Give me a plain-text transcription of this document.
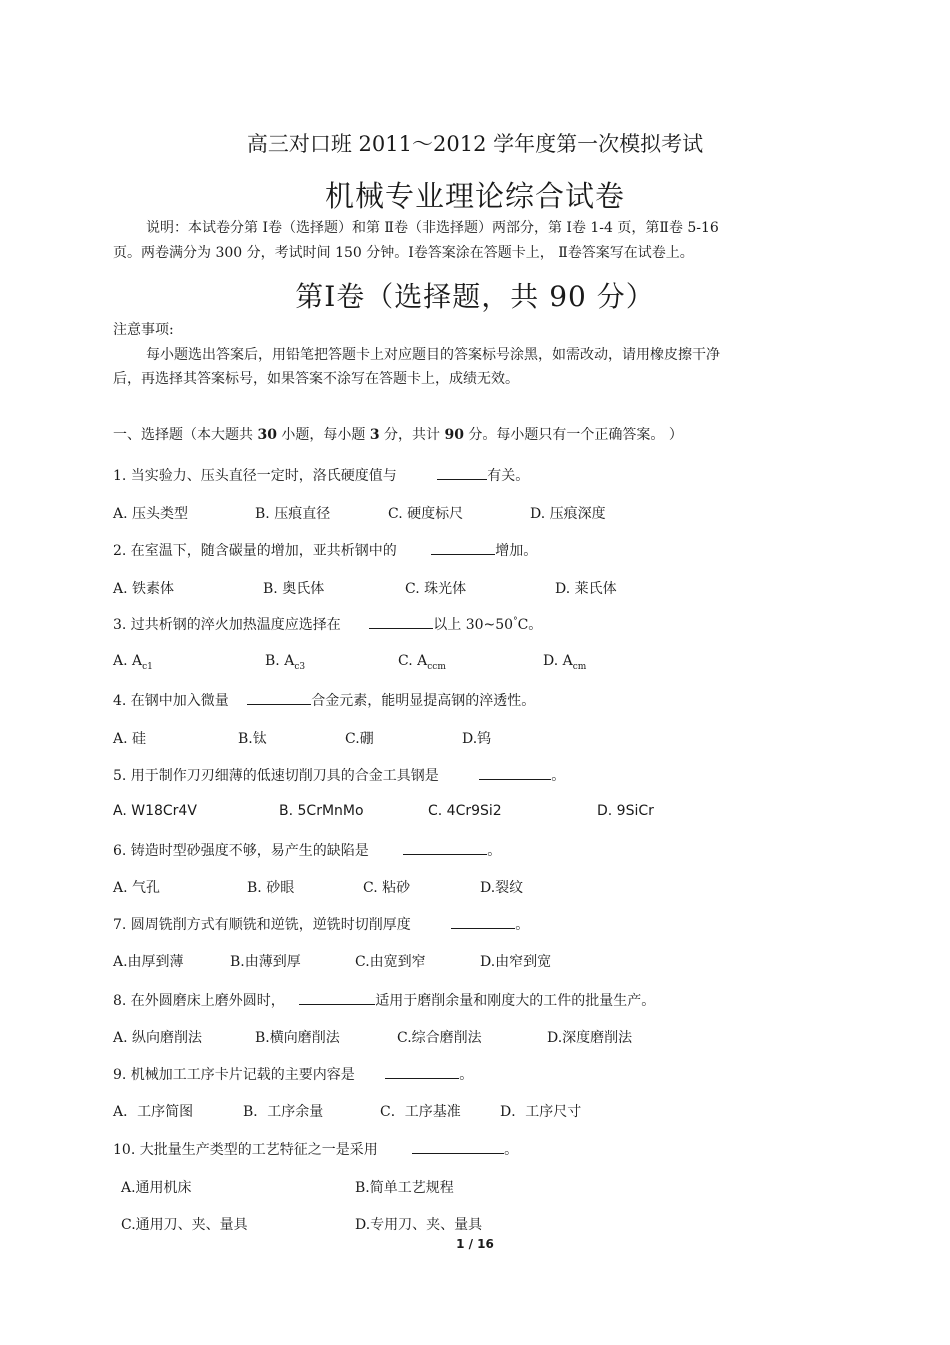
高三对口班 2011～2012 学年度第一次模拟考试
机械专业理论综合试卷
说明：本试卷分第 Ⅰ卷（选择题）和第 Ⅱ卷（非选择题）两部分，第 Ⅰ卷 1-4 页，第Ⅱ卷 5-16
页。两卷满分为 300 分，考试时间 150 分钟。Ⅰ卷答案涂在答题卡上， Ⅱ卷答案写在试卷上。
第Ⅰ卷（选择题，共 90 分）
注意事项:
每小题选出答案后，用铅笔把答题卡上对应题目的答案标号涂黑，如需改动，请用橡皮擦干净
后，再选择其答案标号，如果答案不涂写在答题卡上，成绩无效。
一、选择题（本大题共 30 小题，每小题 3 分，共计 90 分。每小题只有一个正确答案。 ）
1. 当实验力、压头直径一定时，洛氏硬度值与	有关。
A. 压头类型	B. 压痕直径	C. 硬度标尺	D. 压痕深度
2. 在室温下，随含碳量的增加，亚共析钢中的	增加。
A. 铁素体	B. 奥氏体	C. 珠光体	D. 莱氏体
3. 过共析钢的淬火加热温度应选择在	以上 30~50°C。
A. $A_{c1}$	B. $A_{c3}$	C. $A_{ccm}$	D. $A_{cm}$
4. 在钢中加入微量	合金元素，能明显提高钢的淬透性。
A. 硅	B.钛	C.硼	D.钨
5. 用于制作刀刃细薄的低速切削刀具的合金工具钢是	。
A. W18Cr4V	B. 5CrMnMo	C. 4Cr9Si2	D. 9SiCr
6. 铸造时型砂强度不够，易产生的缺陷是	。
A. 气孔	B. 砂眼	C. 粘砂	D.裂纹
7. 圆周铣削方式有顺铣和逆铣，逆铣时切削厚度	。
A.由厚到薄	B.由薄到厚	C.由宽到窄	D.由窄到宽
8. 在外圆磨床上磨外圆时，	适用于磨削余量和刚度大的工件的批量生产。
A. 纵向磨削法	B.横向磨削法	C.综合磨削法	D.深度磨削法
9. 机械加工工序卡片记载的主要内容是	。
A．工序简图	B．工序余量	C．工序基准	D．工序尺寸
10. 大批量生产类型的工艺特征之一是采用	。
A.通用机床	B.简单工艺规程
C.通用刀、夹、量具	D.专用刀、夹、量具
1 / 16
